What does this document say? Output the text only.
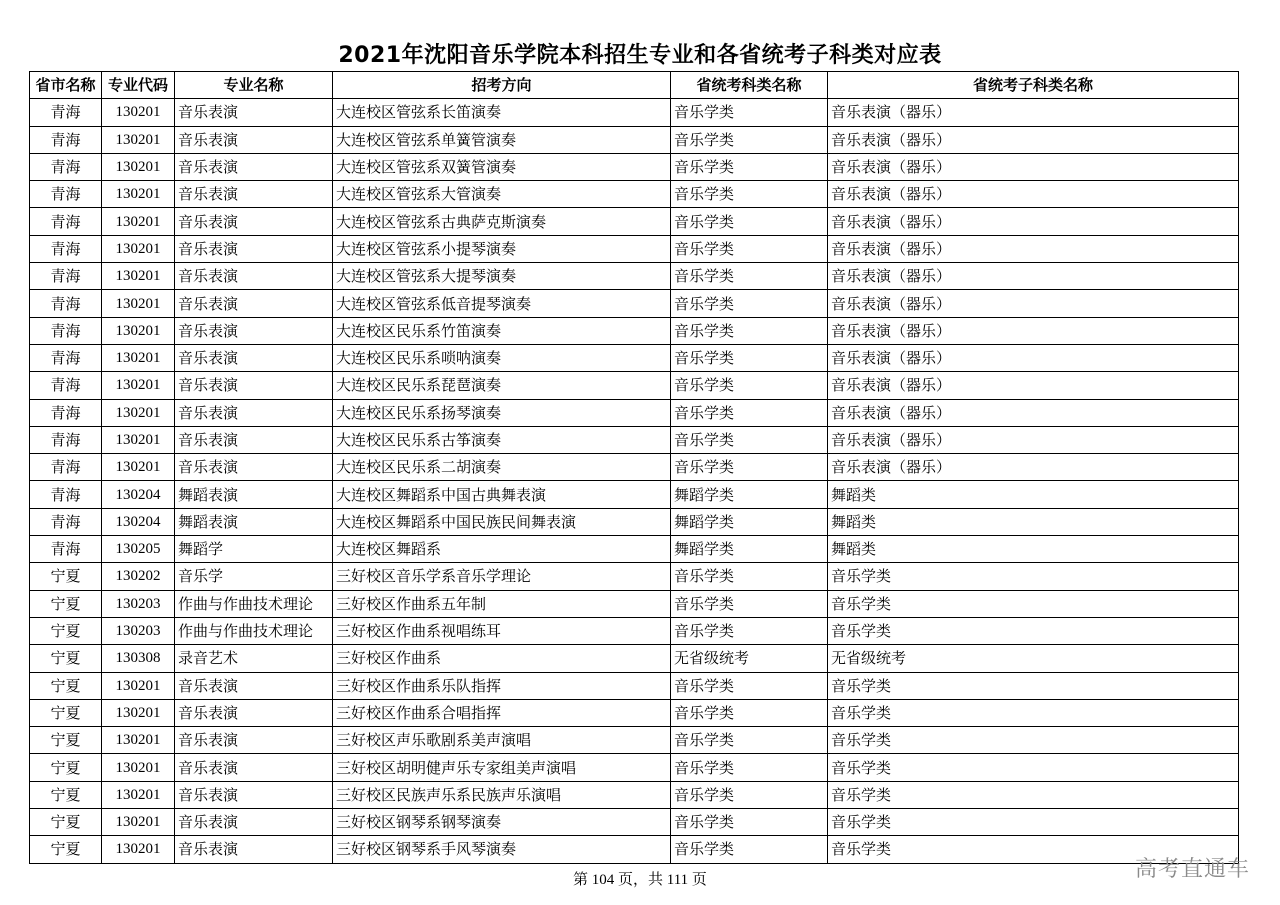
2021年沈阳音乐学院本科招生专业和各省统考子科类对应表
省市名称	专业代码	专业名称	招考方向	省统考科类名称	省统考子科类名称
青海	130201	音乐表演	大连校区管弦系长笛演奏	音乐学类	音乐表演（器乐）
青海	130201	音乐表演	大连校区管弦系单簧管演奏	音乐学类	音乐表演（器乐）
青海	130201	音乐表演	大连校区管弦系双簧管演奏	音乐学类	音乐表演（器乐）
青海	130201	音乐表演	大连校区管弦系大管演奏	音乐学类	音乐表演（器乐）
青海	130201	音乐表演	大连校区管弦系古典萨克斯演奏	音乐学类	音乐表演（器乐）
青海	130201	音乐表演	大连校区管弦系小提琴演奏	音乐学类	音乐表演（器乐）
青海	130201	音乐表演	大连校区管弦系大提琴演奏	音乐学类	音乐表演（器乐）
青海	130201	音乐表演	大连校区管弦系低音提琴演奏	音乐学类	音乐表演（器乐）
青海	130201	音乐表演	大连校区民乐系竹笛演奏	音乐学类	音乐表演（器乐）
青海	130201	音乐表演	大连校区民乐系唢呐演奏	音乐学类	音乐表演（器乐）
青海	130201	音乐表演	大连校区民乐系琵琶演奏	音乐学类	音乐表演（器乐）
青海	130201	音乐表演	大连校区民乐系扬琴演奏	音乐学类	音乐表演（器乐）
青海	130201	音乐表演	大连校区民乐系古筝演奏	音乐学类	音乐表演（器乐）
青海	130201	音乐表演	大连校区民乐系二胡演奏	音乐学类	音乐表演（器乐）
青海	130204	舞蹈表演	大连校区舞蹈系中国古典舞表演	舞蹈学类	舞蹈类
青海	130204	舞蹈表演	大连校区舞蹈系中国民族民间舞表演	舞蹈学类	舞蹈类
青海	130205	舞蹈学	大连校区舞蹈系	舞蹈学类	舞蹈类
宁夏	130202	音乐学	三好校区音乐学系音乐学理论	音乐学类	音乐学类
宁夏	130203	作曲与作曲技术理论	三好校区作曲系五年制	音乐学类	音乐学类
宁夏	130203	作曲与作曲技术理论	三好校区作曲系视唱练耳	音乐学类	音乐学类
宁夏	130308	录音艺术	三好校区作曲系	无省级统考	无省级统考
宁夏	130201	音乐表演	三好校区作曲系乐队指挥	音乐学类	音乐学类
宁夏	130201	音乐表演	三好校区作曲系合唱指挥	音乐学类	音乐学类
宁夏	130201	音乐表演	三好校区声乐歌剧系美声演唱	音乐学类	音乐学类
宁夏	130201	音乐表演	三好校区胡明健声乐专家组美声演唱	音乐学类	音乐学类
宁夏	130201	音乐表演	三好校区民族声乐系民族声乐演唱	音乐学类	音乐学类
宁夏	130201	音乐表演	三好校区钢琴系钢琴演奏	音乐学类	音乐学类
宁夏	130201	音乐表演	三好校区钢琴系手风琴演奏	音乐学类	音乐学类
第 104 页，共 111 页	高考直通车
